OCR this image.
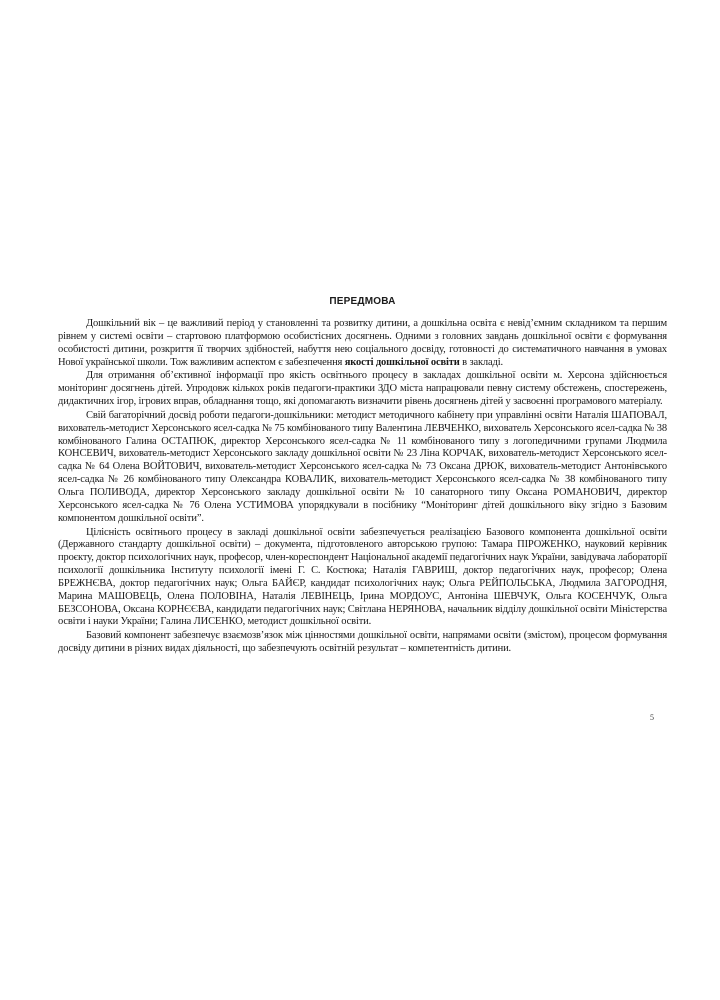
ПЕРЕДМОВА

Дошкільний вік – це важливий період у становленні та розвитку дитини, а дошкільна освіта є невід’ємним складником та першим рівнем у системі освіти – стартовою платформою особистісних досягнень. Одними з головних завдань дошкільної освіти є формування особистості дитини, розкриття її творчих здібностей, набуття нею соціального досвіду, готовності до систематичного навчання в умовах Нової української школи. Тож важливим аспектом є забезпечення якості дошкільної освіти в закладі.

Для отримання об’єктивної інформації про якість освітнього процесу в закладах дошкільної освіти м. Херсона здійснюється моніторинг досягнень дітей. Упродовж кількох років педагоги-практики ЗДО міста напрацювали певну систему обстежень, спостережень, дидактичних ігор, ігрових вправ, обладнання тощо, які допомагають визначити рівень досягнень дітей у засвоєнні програмового матеріалу.

Свій багаторічний досвід роботи педагоги-дошкільники: методист методичного кабінету при управлінні освіти Наталія ШАПОВАЛ, вихователь-методист Херсонського ясел-садка № 75 комбінованого типу Валентина ЛЕВЧЕНКО, вихователь Херсонського ясел-садка № 38 комбінованого Галина ОСТАПЮК, директор Херсонського ясел-садка № 11 комбінованого типу з логопедичними групами Людмила КОНСЕВИЧ, вихователь-методист Херсонського закладу дошкільної освіти № 23 Ліна КОРЧАК, вихователь-методист Херсонського ясел-садка № 64 Олена ВОЙТОВИЧ, вихователь-методист Херсонського ясел-садка № 73 Оксана ДРЮК, вихователь-методист Антонівського ясел-садка № 26 комбінованого типу Олександра КОВАЛИК, вихователь-методист Херсонського ясел-садка № 38 комбінованого типу Ольга ПОЛИВОДА, директор Херсонського закладу дошкільної освіти № 10 санаторного типу Оксана РОМАНОВИЧ, директор Херсонського ясел-садка № 76 Олена УСТИМОВА упорядкували в посібнику “Моніторинг дітей дошкільного віку згідно з Базовим компонентом дошкільної освіти”.

Цілісність освітнього процесу в закладі дошкільної освіти забезпечується реалізацією Базового компонента дошкільної освіти (Державного стандарту дошкільної освіти) – документа, підготовленого авторською групою: Тамара ПІРОЖЕНКО, науковий керівник проєкту, доктор психологічних наук, професор, член-кореспондент Національної академії педагогічних наук України, завідувача лабораторії психології дошкільника Інституту психології імені Г. С. Костюка; Наталія ГАВРИШ, доктор педагогічних наук, професор; Олена БРЕЖНЄВА, доктор педагогічних наук; Ольга БАЙЄР, кандидат психологічних наук; Ольга РЕЙПОЛЬСЬКА, Людмила ЗАГОРОДНЯ, Марина МАШОВЕЦЬ, Олена ПОЛОВІНА, Наталія ЛЕВІНЕЦЬ, Ірина МОРДОУС, Антоніна ШЕВЧУК, Ольга КОСЕНЧУК, Ольга БЕЗСОНОВА, Оксана КОРНЄЄВА, кандидати педагогічних наук; Світлана НЕРЯНОВА, начальник відділу дошкільної освіти Міністерства освіти і науки України; Галина ЛИСЕНКО, методист дошкільної освіти.

Базовий компонент забезпечує взаємозв’язок між цінностями дошкільної освіти, напрямами освіти (змістом), процесом формування досвіду дитини в різних видах діяльності, що забезпечують освітній результат – компетентність дитини.

5
